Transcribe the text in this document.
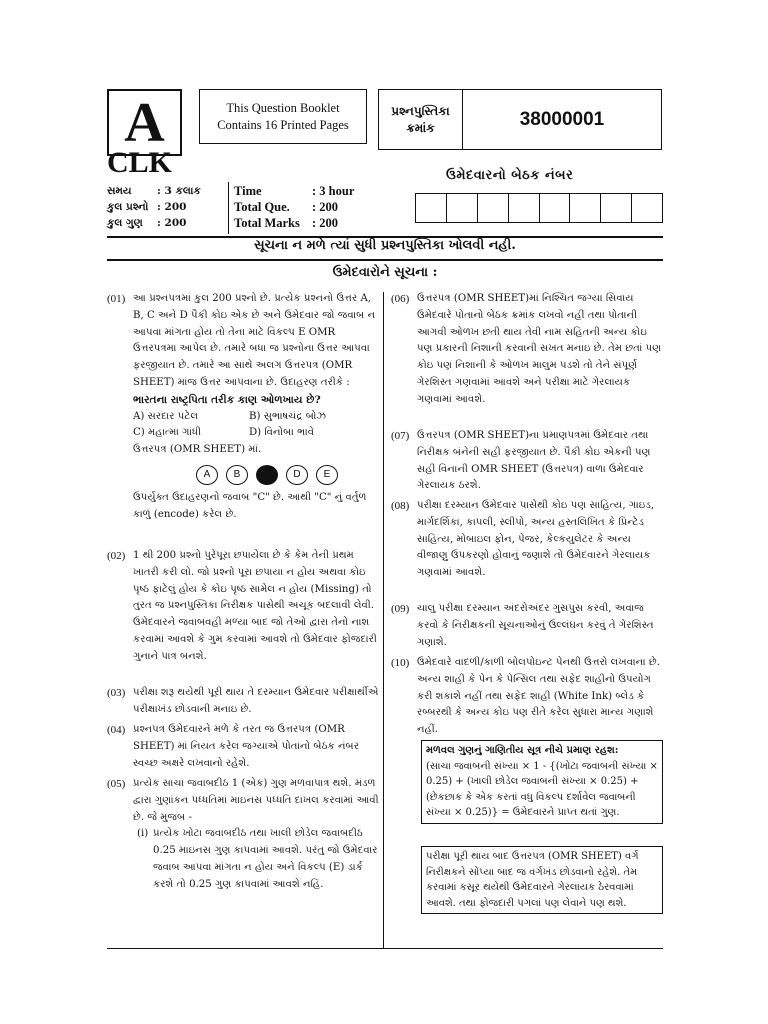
A	This Question Booklet
Contains 16 Printed Pages
પ્રશ્નપુસ્તિકા
ક્રમાંક	38000001
CLK
સમય	: 3 કલાક
કુલ પ્રશ્નો : 200
કુલ ગુણ	: 200
Time	: 3 hour
Total Que.	: 200
Total Marks : 200
ઉમેદવારનો બેઠક નંબર
સૂચના ન મળે ત્યાં સુધી પ્રશ્નપુસ્તિકા ખોલવી નહી.
ઉમેદવારોને સૂચના :
(01) આ પ્રશ્નપત્રમાં કુલ 200 પ્રશ્નો છે. પ્રત્યેક પ્રશ્નનો ઉત્તર A, B, C અને D પૈકી કોઇ એક છે અને ઉમેદવાર જો જવાબ ન આપવા માંગતા હોય તો તેના માટે વિકલ્પ E OMR ઉત્તરપત્રમા આપેલ છે. તમારે બધા જ પ્રશ્નોના ઉત્તર આપવા ફરજીયાત છે. તમારે આ સાથે અલગ ઉત્તરપત્ર (OMR SHEET) માંજ ઉત્તર આપવાના છે. ઉદાહરણ તરીકે :
ભારતના રાષ્ટ્રપિતા તરીક કાણ ઓળખાય છે?
A) સરદાર પટેલ	B) સુભાષચંદ્ર બોઝ
C) મહાત્મા ગાંધી	D) વિનોબા ભાવે
ઉત્તરપત્ર (OMR SHEET) માં.
A	B	C	D	E
ઉપર્યુક્ત ઉદાહરણનો જવાબ "C" છે. આથી "C" નું વર્તુળ કાળું (encode) કરેલ છે.
(02) 1 થી 200 પ્રશ્નો પુરેપૂરા છપાયેલા છે કે કેમ તેની પ્રથમ ખાતરી કરી લો. જો પ્રશ્નો પૂરા છપાયા ન હોય અથવા કોઇ પૃષ્ઠ ફાટેલું હોય કે કોઇ પૃષ્ઠ સામેલ ન હોય (Missing) તો તુરત જ પ્રશ્નપુસ્તિકા નિરીક્ષક પાસેથી અચૂક બદલાવી લેવી. ઉમેદવારને જવાબવહી મળ્યા બાદ જો તેઓ દ્વારા તેનો નાશ કરવામાં આવશે કે ગુમ કરવામાં આવશે તો ઉમેદવાર ફોજદારી ગુનાને પાત્ર બનશે.
(03) પરીક્ષા શરૂ થયેથી પૂરી થાય તે દરમ્યાન ઉમેદવાર પરીક્ષાર્થીએ પરીક્ષાખંડ છોડવાની મનાઇ છે.
(04) પ્રશ્નપત્ર ઉમેદવારને મળે કે તરત જ ઉત્તરપત્ર (OMR SHEET) માં નિયત કરેલ જગ્યાએ પોતાનો બેઠક નંબર સ્વચ્છ અક્ષરે લખવાનો રહેશે.
(05) પ્રત્યેક સાચા જવાબદીઠ 1 (એક) ગુણ મળવાપાત્ર થશે. મંડળ દ્વારા ગુણાંકન પધ્ધતિમાં માઇનસ પધ્ધતિ દાખલ કરવામાં આવી છે. જે મુજબ -
(i) પ્રત્યેક ખોટા જવાબદીઠ તથા ખાલી છોડેલ જવાબદીઠ 0.25 માઇનસ ગુણ કાપવામાં આવશે. પરંતુ જો ઉમેદવાર જવાબ આપવા માંગતા ન હોય અને વિકલ્પ (E) ડાર્ક કરશે તો 0.25 ગુણ કાપવામાં આવશે નહિં.
(06) ઉત્તરપત્ર (OMR SHEET)માં નિશ્ચિત જગ્યા સિવાય ઉમેદવારે પોતાનો બેઠક ક્રમાંક લખવો નહીં તથા પોતાની આગવી ઓળખ છતી થાય તેવી નામ સહિતની અન્ય કોઇ પણ પ્રકારની નિશાની કરવાની સખત મનાઇ છે. તેમ છતાં પણ કોઇ પણ નિશાની કે ઓળખ માલુમ પડશે તો તેને સંપૂર્ણ ગેરશિસ્ત ગણવામાં આવશે અને પરીક્ષા માટે ગેરલાયક ગણવામાં આવશે.
(07) ઉત્તરપત્ર (OMR SHEET)ના પ્રમાણપત્રમાં ઉમેદવાર તથા નિરીક્ષક બંનેની સહી ફરજીયાત છે. પૈકી કોઇ એકની પણ સહી વિનાની OMR SHEET (ઉત્તરપત્ર) વાળા ઉમેદવાર ગેરલાયક ઠરશે.
(08) પરીક્ષા દરમ્યાન ઉમેદવાર પાસેથી કોઇ પણ સાહિત્ય, ગાઇડ, માર્ગદર્શિકા, કાપલી, સ્લીપો, અન્ય હસ્તલિખિત કે પ્રિન્ટેડ સાહિત્ય, મોબાઇલ ફોન, પેજર, કેલ્કયુલેટર કે અન્ય વીજાણુ ઉપકરણો હોવાનું જણાશે તો ઉમેદવારને ગેરલાયક ગણવામાં આવશે.
(09) ચાલુ પરીક્ષા દરમ્યાન અંદરોઅંદર ગુસપુસ કરવી, અવાજ કરવો કે નિરીક્ષકની સૂચનાઓનું ઉલ્લંઘન કરવું તે ગેરશિસ્ત ગણાશે.
(10) ઉમેદવારે વાદળી/કાળી બોલપોઇન્ટ પેનથી ઉત્તરો લખવાના છે. અન્ય શાહી કે પેન કે પેન્સિલ તથા સફેદ શાહીનો ઉપયોગ કરી શકાશે નહીં તથા સફેદ શાહી (White Ink) બ્લેડ કે રબ્બરથી કે અન્ય કોઇ પણ રીતે કરેલ સુધારા માન્ય ગણાશે નહીં.
મળવલ ગુણનું ગાણિતીય સૂત્ર નીચે પ્રમાણ રહશ:
(સાચા જવાબની સંખ્યા × 1 - {(ખોટા જવાબની સંખ્યા × 0.25) + (ખાલી છોડેલ જવાબની સંખ્યા × 0.25) + (છેકછાક કે એક કરતાં વધુ વિકલ્પ દર્શાવેલ જવાબની સંખ્યા × 0.25)} = ઉમેદવારને પ્રાપ્ત થતાં ગુણ.
પરીક્ષા પૂરી થાય બાદ ઉત્તરપત્ર (OMR SHEET) વર્ગ નિરીક્ષકને સોંપ્યા બાદ જ વર્ગખંડ છોડવાનો રહેશે. તેમ કરવામાં કસૂર થયેથી ઉમેદવારને ગેરલાયક ઠેરવવામાં આવશે. તથા ફોજદારી પગલાં પણ લેવાને પણ થશે.
